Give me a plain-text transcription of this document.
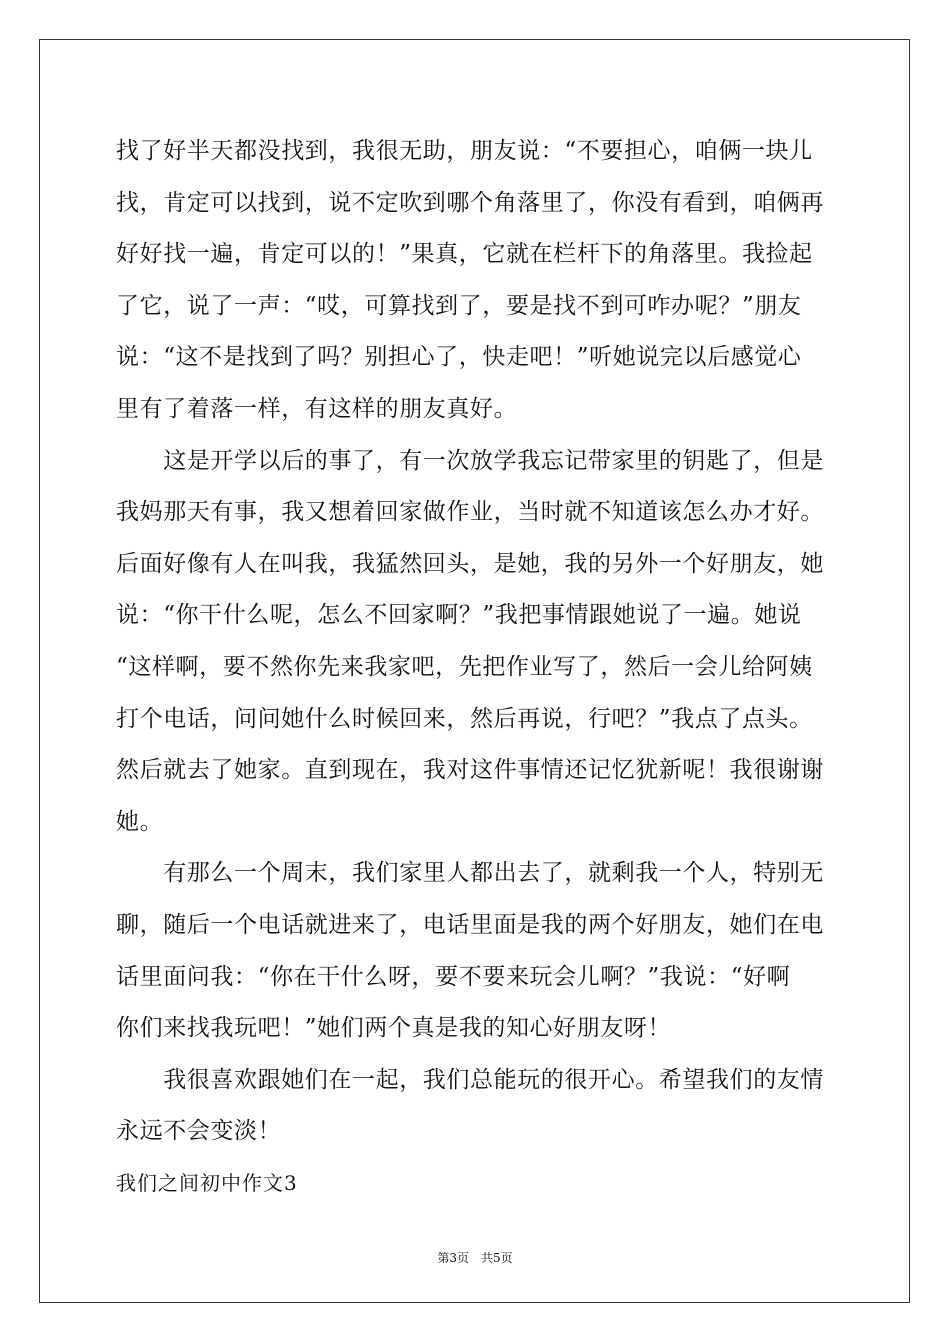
找了好半天都没找到，我很无助，朋友说：“不要担心，咱俩一块儿
找，肯定可以找到，说不定吹到哪个角落里了，你没有看到，咱俩再
好好找一遍，肯定可以的！”果真，它就在栏杆下的角落里。我捡起
了它，说了一声：“哎，可算找到了，要是找不到可咋办呢？”朋友
说：“这不是找到了吗？别担心了，快走吧！”听她说完以后感觉心
里有了着落一样，有这样的朋友真好。
　　这是开学以后的事了，有一次放学我忘记带家里的钥匙了，但是
我妈那天有事，我又想着回家做作业，当时就不知道该怎么办才好。
后面好像有人在叫我，我猛然回头，是她，我的另外一个好朋友，她
说：“你干什么呢，怎么不回家啊？”我把事情跟她说了一遍。她说
“这样啊，要不然你先来我家吧，先把作业写了，然后一会儿给阿姨
打个电话，问问她什么时候回来，然后再说，行吧？”我点了点头。
然后就去了她家。直到现在，我对这件事情还记忆犹新呢！我很谢谢
她。
　　有那么一个周末，我们家里人都出去了，就剩我一个人，特别无
聊，随后一个电话就进来了，电话里面是我的两个好朋友，她们在电
话里面问我：“你在干什么呀，要不要来玩会儿啊？”我说：“好啊
你们来找我玩吧！”她们两个真是我的知心好朋友呀！
　　我很喜欢跟她们在一起，我们总能玩的很开心。希望我们的友情
永远不会变淡！
我们之间初中作文3
第3页　共5页
